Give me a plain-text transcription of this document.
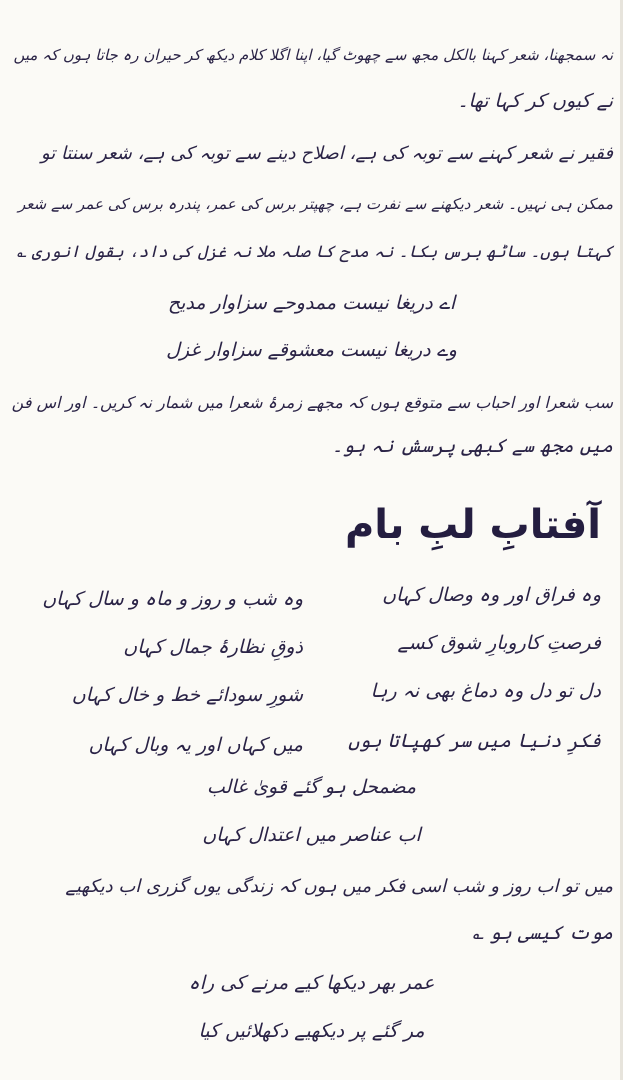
نہ سمجھنا، شعر کہنا بالکل مجھ سے چھوٹ گیا، اپنا اگلا کلام دیکھ کر حیران رہ جاتا ہوں کہ میں
نے کیوں کر کہا تھا۔
فقیر نے شعر کہنے سے توبہ کی ہے، اصلاح دینے سے توبہ کی ہے، شعر سنتا تو
ممکن ہی نہیں۔ شعر دیکھنے سے نفرت ہے، چھپتر برس کی عمر، پندرہ برس کی عمر سے شعر
کہتا ہوں۔ ساٹھ برس بکا۔ نہ مدح کا صلہ ملا نہ غزل کی داد، بقول انوری ؎
اے دریغا نیست ممدوحے سزاوار مدیح
وے دریغا نیست معشوقے سزاوار غزل
سب شعرا اور احباب سے متوقع ہوں کہ مجھے زمرۂ شعرا میں شمار نہ کریں۔ اور اس فن
میں مجھ سے کبھی پرسش نہ ہو۔
آفتابِ لبِ بام
وہ فراق اور وہ وصال کہاں
وہ شب و روز و ماہ و سال کہاں
فرصتِ کاروبارِ شوق کسے
ذوقِ نظارۂ جمال کہاں
دل تو دل وہ دماغ بھی نہ رہا
شورِ سودائے خط و خال کہاں
فکرِ دنیا میں سر کھپاتا ہوں
میں کہاں اور یہ وبال کہاں
مضمحل ہو گئے قویٰ غالب
اب عناصر میں اعتدال کہاں
میں تو اب روز و شب اسی فکر میں ہوں کہ زندگی یوں گزری اب دیکھیے
موت کیسی ہو ؎
عمر بھر دیکھا کیے مرنے کی راہ
مر گئے پر دیکھیے دکھلائیں کیا
